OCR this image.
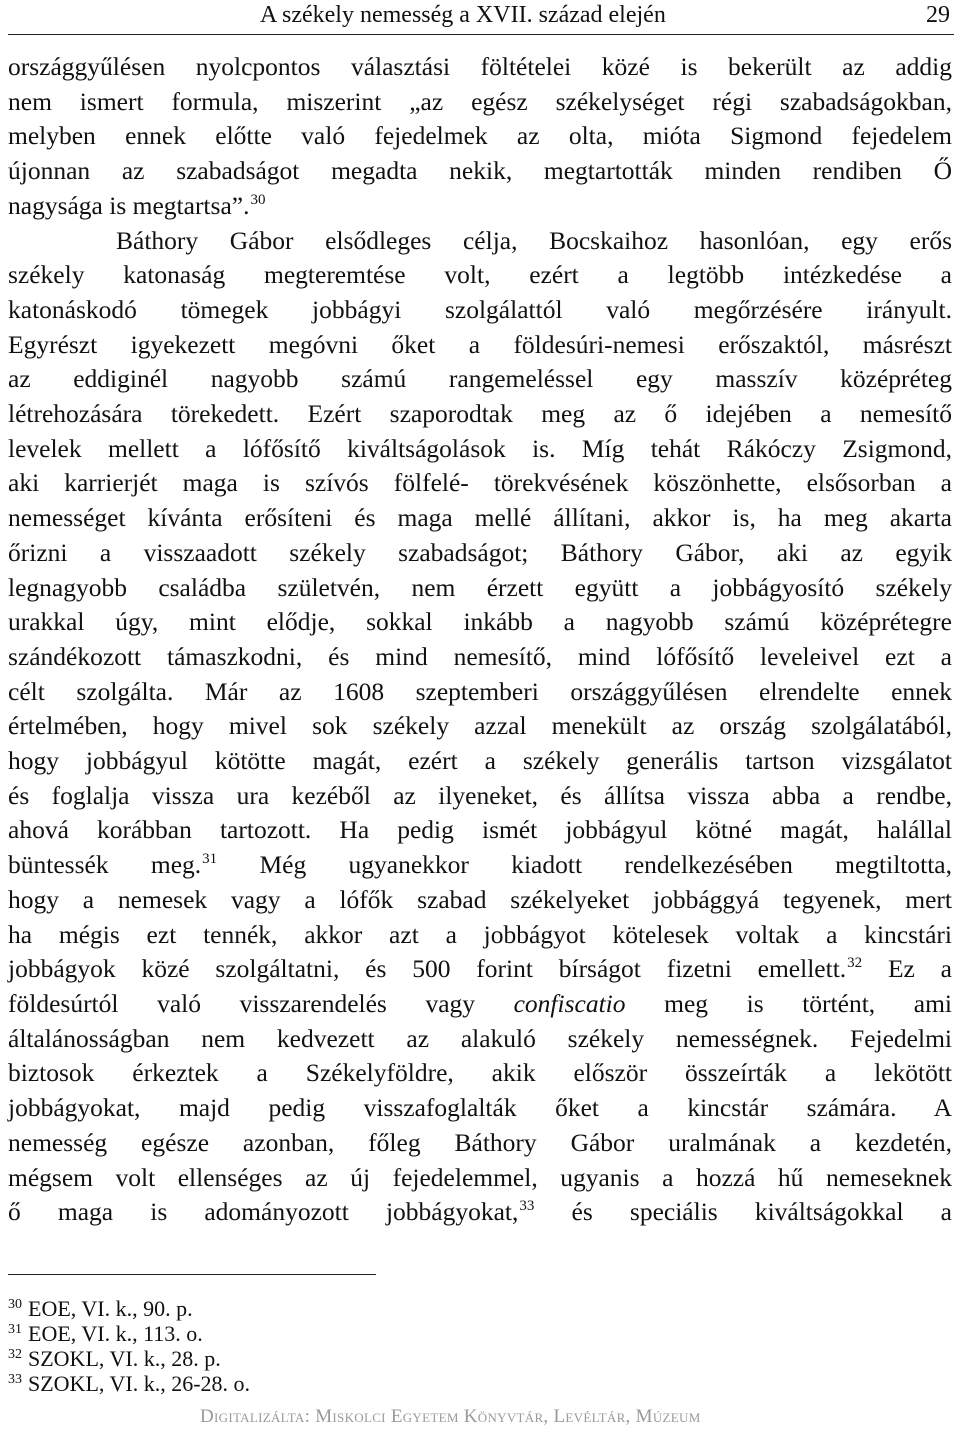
A székely nemesség a XVII. század elején	29
országgyűlésen nyolcpontos választási föltételei közé is bekerült az addig
nem ismert formula, miszerint „az egész székelységet régi szabadságokban,
melyben ennek előtte való fejedelmek az olta, mióta Sigmond fejedelem
újonnan az szabadságot megadta nekik, megtartották minden rendiben Ő
nagysága is megtartsa”.$^{30}$
Báthory Gábor elsődleges célja, Bocskaihoz hasonlóan, egy erős
székely katonaság megteremtése volt, ezért a legtöbb intézkedése a
katonáskodó tömegek jobbágyi szolgálattól való megőrzésére irányult.
Egyrészt igyekezett megóvni őket a földesúri-nemesi erőszaktól, másrészt
az eddiginél nagyobb számú rangemeléssel egy masszív középréteg
létrehozására törekedett. Ezért szaporodtak meg az ő idejében a nemesítő
levelek mellett a lófősítő kiváltságolások is. Míg tehát Rákóczy Zsigmond,
aki karrierjét maga is szívós fölfelé- törekvésének köszönhette, elsősorban a
nemességet kívánta erősíteni és maga mellé állítani, akkor is, ha meg akarta
őrizni a visszaadott székely szabadságot; Báthory Gábor, aki az egyik
legnagyobb családba születvén, nem érzett együtt a jobbágyosító székely
urakkal úgy, mint elődje, sokkal inkább a nagyobb számú középrétegre
szándékozott támaszkodni, és mind nemesítő, mind lófősítő leveleivel ezt a
célt szolgálta. Már az 1608 szeptemberi országgyűlésen elrendelte ennek
értelmében, hogy mivel sok székely azzal menekült az ország szolgálatából,
hogy jobbágyul kötötte magát, ezért a székely generális tartson vizsgálatot
és foglalja vissza ura kezéből az ilyeneket, és állítsa vissza abba a rendbe,
ahová korábban tartozott. Ha pedig ismét jobbágyul kötné magát, halállal
büntessék meg.$^{31}$ Még ugyanekkor kiadott rendelkezésében megtiltotta,
hogy a nemesek vagy a lófők szabad székelyeket jobbággyá tegyenek, mert
ha mégis ezt tennék, akkor azt a jobbágyot kötelesek voltak a kincstári
jobbágyok közé szolgáltatni, és 500 forint bírságot fizetni emellett.$^{32}$ Ez a
földesúrtól való visszarendelés vagy confiscatio meg is történt, ami
általánosságban nem kedvezett az alakuló székely nemességnek. Fejedelmi
biztosok érkeztek a Székelyföldre, akik először összeírták a lekötött
jobbágyokat, majd pedig visszafoglalták őket a kincstár számára. A
nemesség egésze azonban, főleg Báthory Gábor uralmának a kezdetén,
mégsem volt ellenséges az új fejedelemmel, ugyanis a hozzá hű nemeseknek
ő maga is adományozott jobbágyokat,$^{33}$ és speciális kiváltságokkal a
$^{30}$ EOE, VI. k., 90. p.
$^{31}$ EOE, VI. k., 113. o.
$^{32}$ SZOKL, VI. k., 28. p.
$^{33}$ SZOKL, VI. k., 26-28. o.
Digitalizálta: Miskolci Egyetem Könyvtár, Levéltár, Múzeum
